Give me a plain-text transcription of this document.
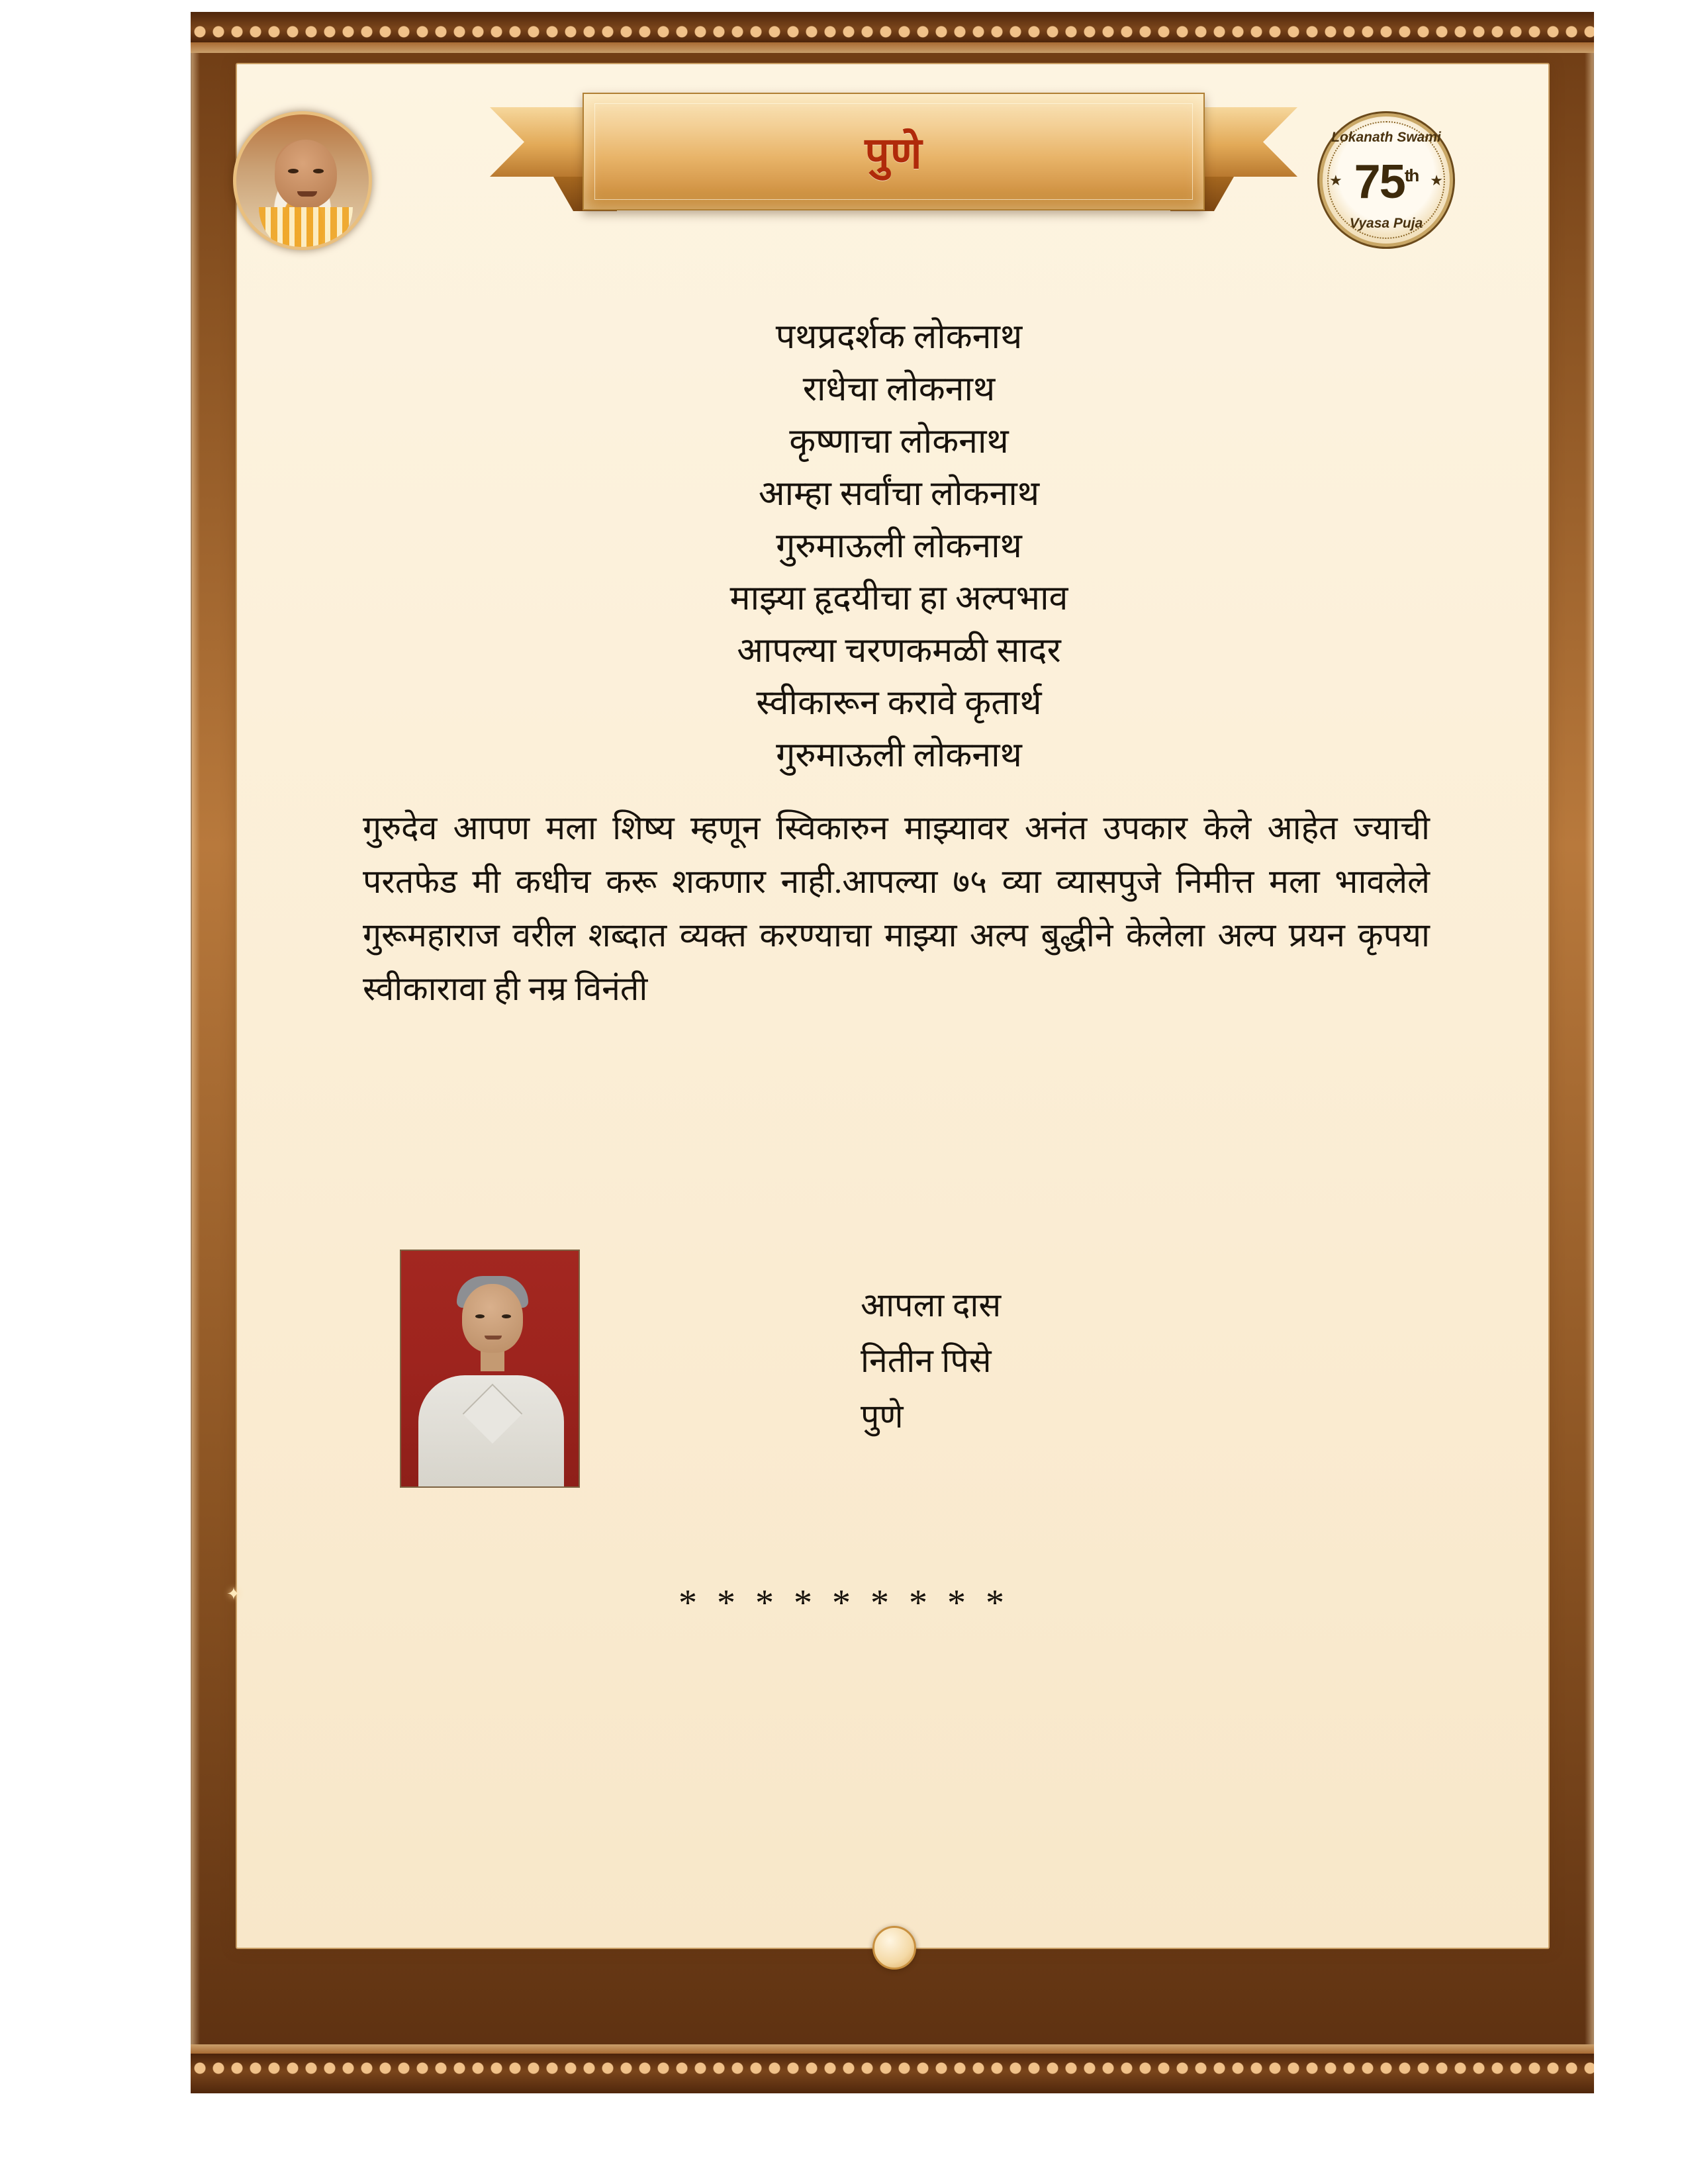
✦
पुणे	Lokanath Swami
75th
★	★
Vyasa Puja
पथप्रदर्शक लोकनाथ
राधेचा लोकनाथ
कृष्णाचा लोकनाथ
आम्हा सर्वांचा लोकनाथ
गुरुमाऊली लोकनाथ
माझ्या हृदयीचा हा अल्पभाव
आपल्या चरणकमळी सादर
स्वीकारून करावे कृतार्थ
गुरुमाऊली लोकनाथ
गुरुदेव आपण मला शिष्य म्हणून स्विकारुन माझ्यावर अनंत उपकार केले आहेत ज्याची परतफेड मी कधीच करू शकणार नाही.आपल्या ७५ व्या व्यासपुजे निमीत्त मला भावलेले गुरूमहाराज वरील शब्दात व्यक्त करण्याचा माझ्या अल्प बुद्धीने केलेला अल्प प्रयन कृपया स्वीकारावा ही नम्र विनंती
आपला दास
नितीन पिसे
पुणे
* * * * * * * * *
